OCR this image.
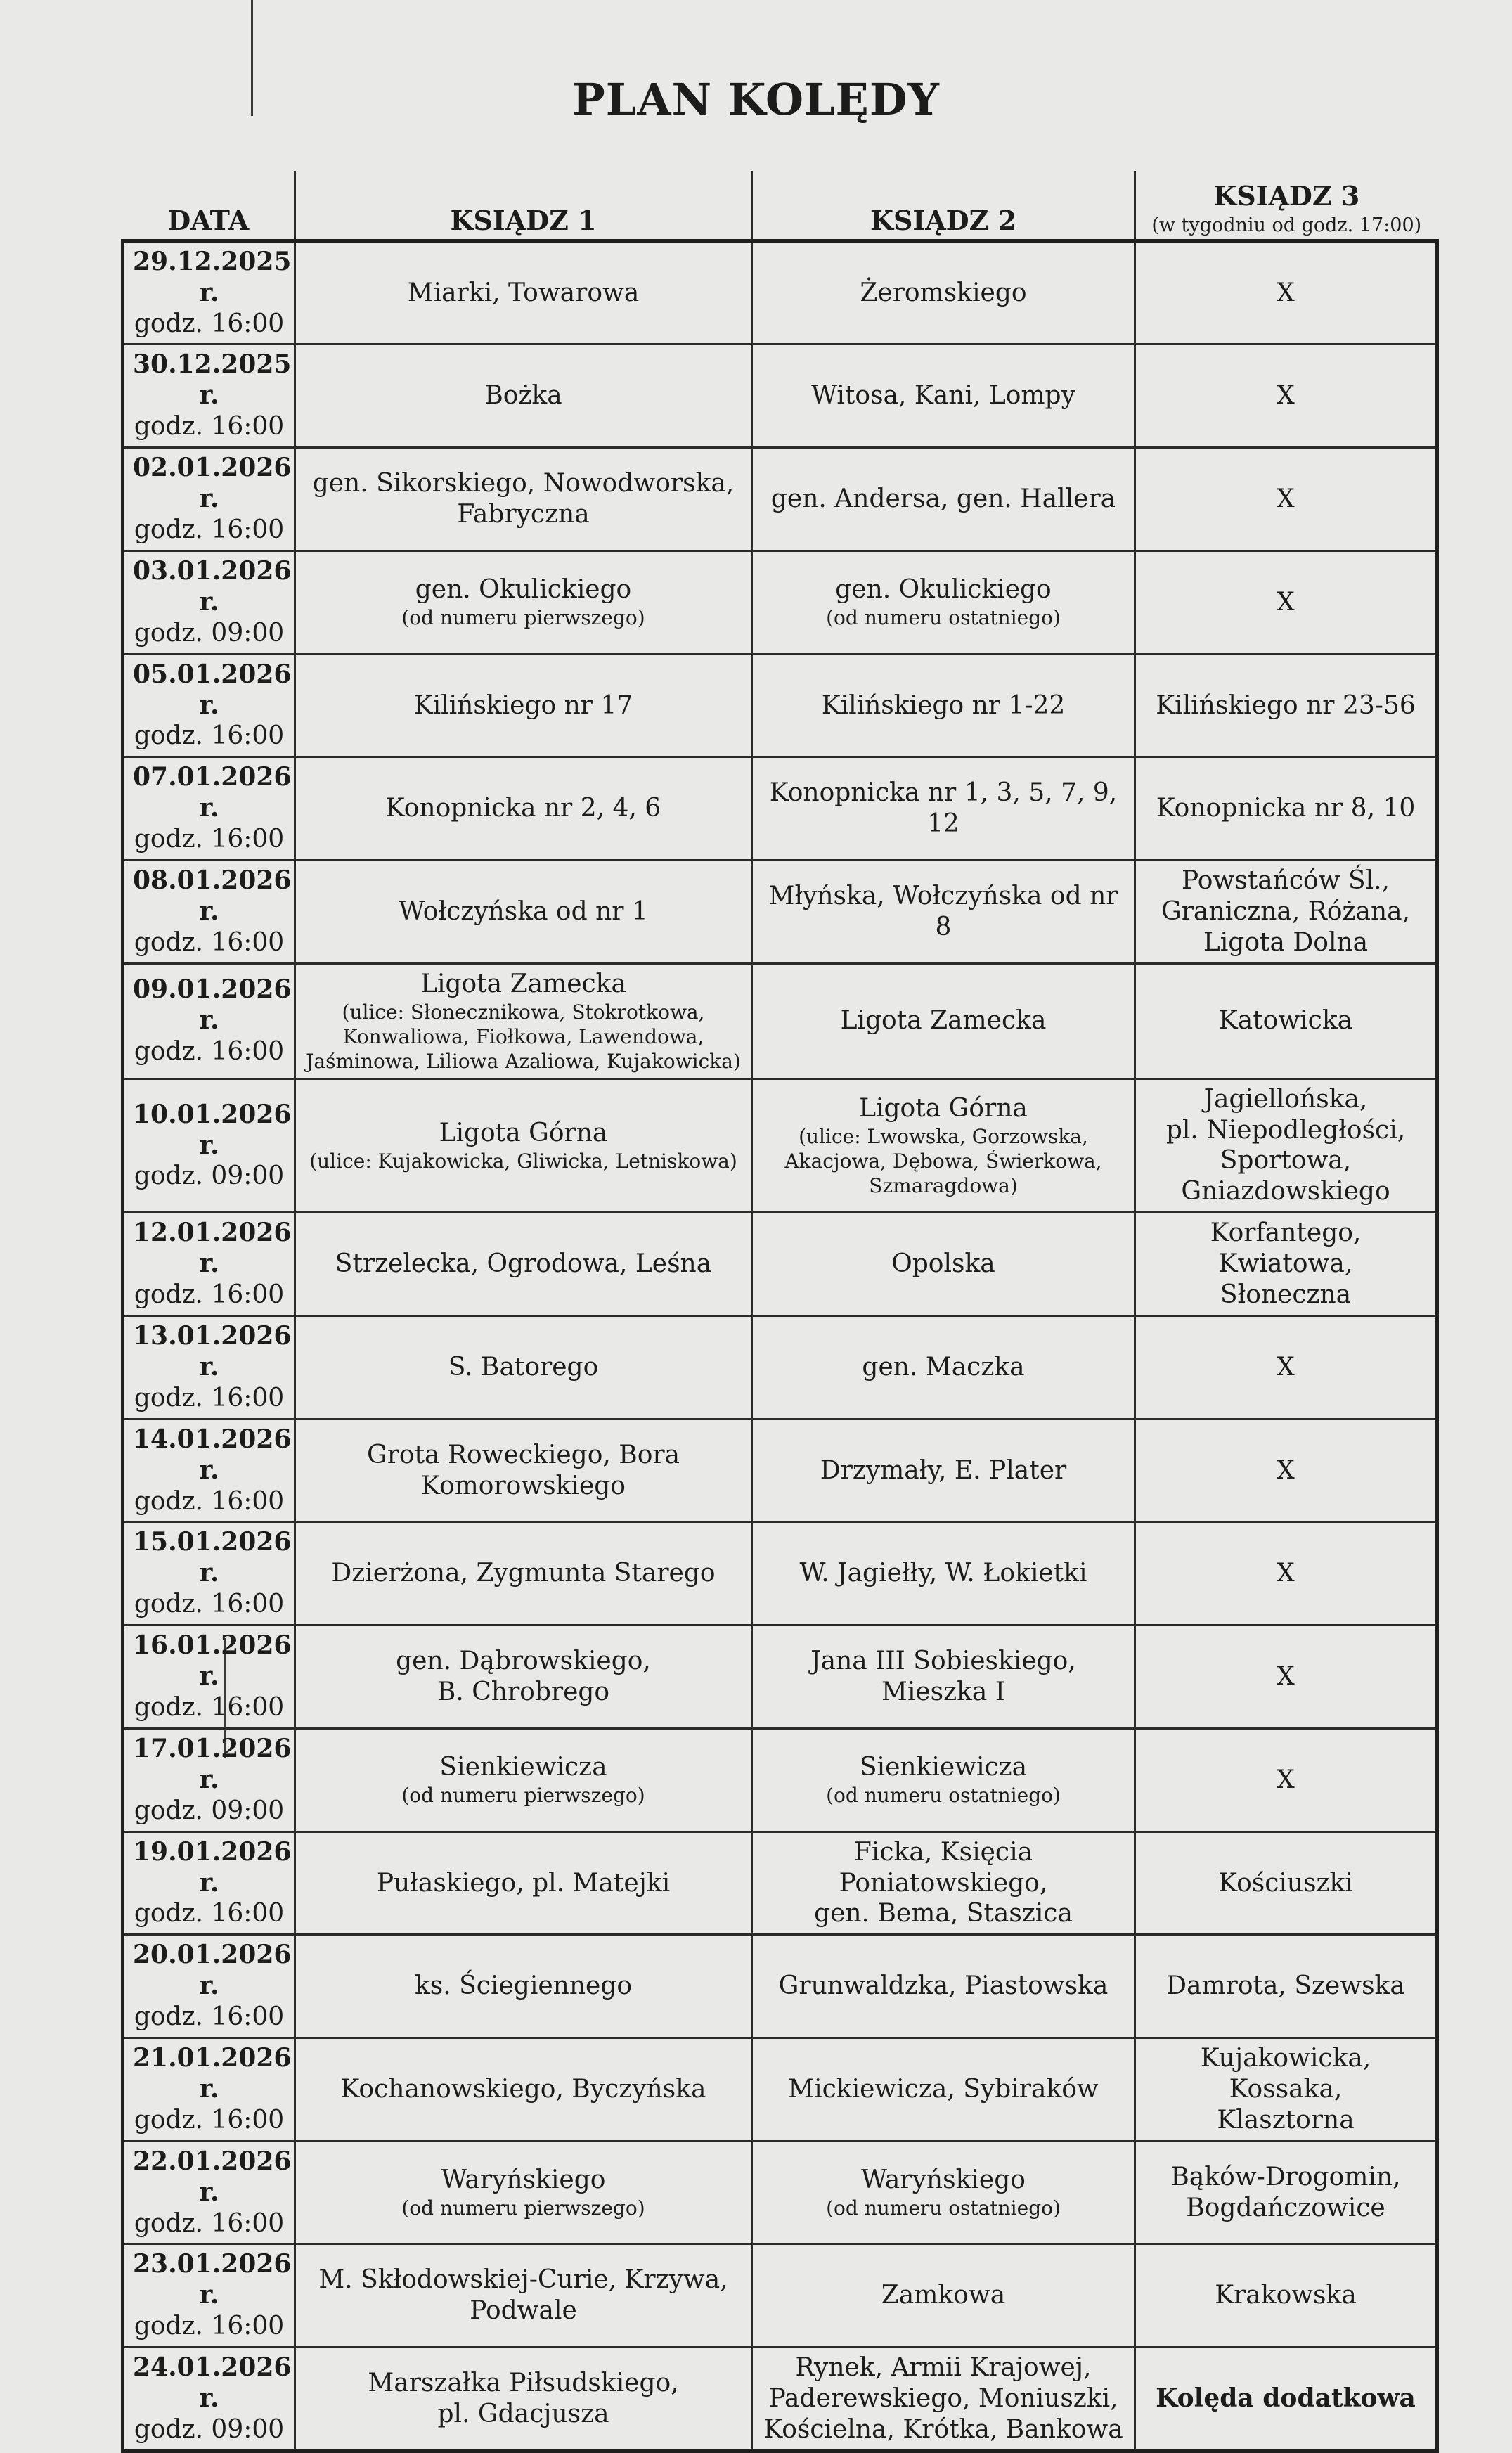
PLAN KOLĘDY
DATA	KSIĄDZ 1	KSIĄDZ 2	KSIĄDZ 3
(w tygodniu od godz. 17:00)

29.12.2025 r.
godz. 16:00	Miarki, Towarowa	Żeromskiego	X

30.12.2025 r.
godz. 16:00	Bożka	Witosa, Kani, Lompy	X

02.01.2026 r.
godz. 16:00	gen. Sikorskiego, Nowodworska,
Fabryczna	gen. Andersa, gen. Hallera	X

03.01.2026 r.
godz. 09:00	gen. Okulickiego
(od numeru pierwszego)	gen. Okulickiego
(od numeru ostatniego)	X

05.01.2026 r.
godz. 16:00	Kilińskiego nr 17	Kilińskiego nr 1-22	Kilińskiego nr 23-56

07.01.2026 r.
godz. 16:00	Konopnicka nr 2, 4, 6	Konopnicka nr 1, 3, 5, 7, 9, 12	Konopnicka nr 8, 10

08.01.2026 r.
godz. 16:00	Wołczyńska od nr 1	Młyńska, Wołczyńska od nr 8	Powstańców Śl.,
Graniczna, Różana,
Ligota Dolna

09.01.2026 r.
godz. 16:00	Ligota Zamecka
(ulice: Słonecznikowa, Stokrotkowa,
Konwaliowa, Fiołkowa, Lawendowa,
Jaśminowa, Liliowa Azaliowa, Kujakowicka)	Ligota Zamecka	Katowicka

10.01.2026 r.
godz. 09:00	Ligota Górna
(ulice: Kujakowicka, Gliwicka, Letniskowa)	Ligota Górna
(ulice: Lwowska, Gorzowska,
Akacjowa, Dębowa, Świerkowa,
Szmaragdowa)	Jagiellońska,
pl. Niepodległości,
Sportowa,
Gniazdowskiego

12.01.2026 r.
godz. 16:00	Strzelecka, Ogrodowa, Leśna	Opolska	Korfantego, Kwiatowa,
Słoneczna

13.01.2026 r.
godz. 16:00	S. Batorego	gen. Maczka	X

14.01.2026 r.
godz. 16:00	Grota Roweckiego, Bora
Komorowskiego	Drzymały, E. Plater	X

15.01.2026 r.
godz. 16:00	Dzierżona, Zygmunta Starego	W. Jagiełły, W. Łokietki	X

16.01.2026 r.
godz. 16:00	gen. Dąbrowskiego,
B. Chrobrego	Jana III Sobieskiego,
Mieszka I	X

17.01.2026 r.
godz. 09:00	Sienkiewicza
(od numeru pierwszego)	Sienkiewicza
(od numeru ostatniego)	X

19.01.2026 r.
godz. 16:00	Pułaskiego, pl. Matejki	Ficka, Księcia Poniatowskiego,
gen. Bema, Staszica	Kościuszki

20.01.2026 r.
godz. 16:00	ks. Ściegiennego	Grunwaldzka, Piastowska	Damrota, Szewska

21.01.2026 r.
godz. 16:00	Kochanowskiego, Byczyńska	Mickiewicza, Sybiraków	Kujakowicka, Kossaka,
Klasztorna

22.01.2026 r.
godz. 16:00	Waryńskiego
(od numeru pierwszego)	Waryńskiego
(od numeru ostatniego)	Bąków-Drogomin,
Bogdańczowice

23.01.2026 r.
godz. 16:00	M. Skłodowskiej-Curie, Krzywa,
Podwale	Zamkowa	Krakowska

24.01.2026 r.
godz. 09:00	Marszałka Piłsudskiego,
pl. Gdacjusza	Rynek, Armii Krajowej,
Paderewskiego, Moniuszki,
Kościelna, Krótka, Bankowa	Kolęda dodatkowa
